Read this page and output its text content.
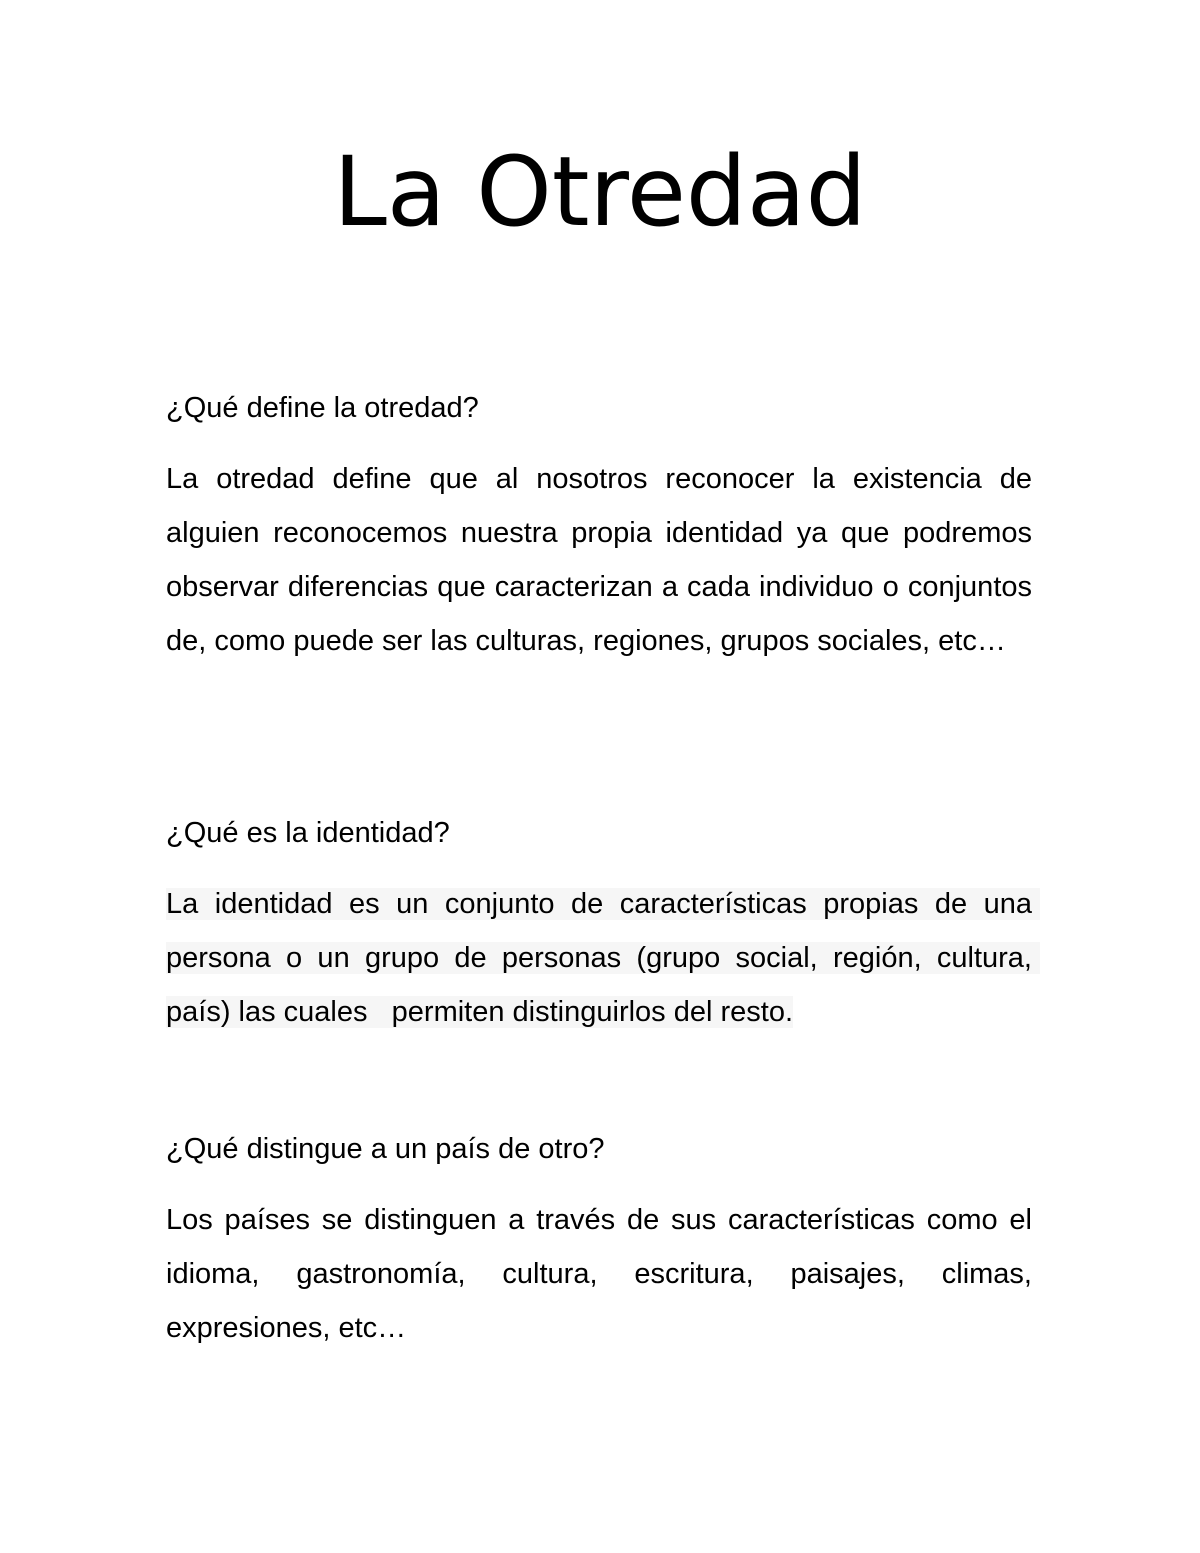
La Otredad

¿Qué define la otredad?

La otredad define que al nosotros reconocer la existencia de alguien reconocemos nuestra propia identidad ya que podremos observar diferencias que caracterizan a cada individuo o conjuntos de, como puede ser las culturas, regiones, grupos sociales, etc…

¿Qué es la identidad?

La identidad es un conjunto de características propias de una persona o un grupo de personas (grupo social, región, cultura, país) las cuales   permiten distinguirlos del resto.

¿Qué distingue a un país de otro?

Los países se distinguen a través de sus características como el idioma, gastronomía, cultura, escritura, paisajes, climas, expresiones, etc…
